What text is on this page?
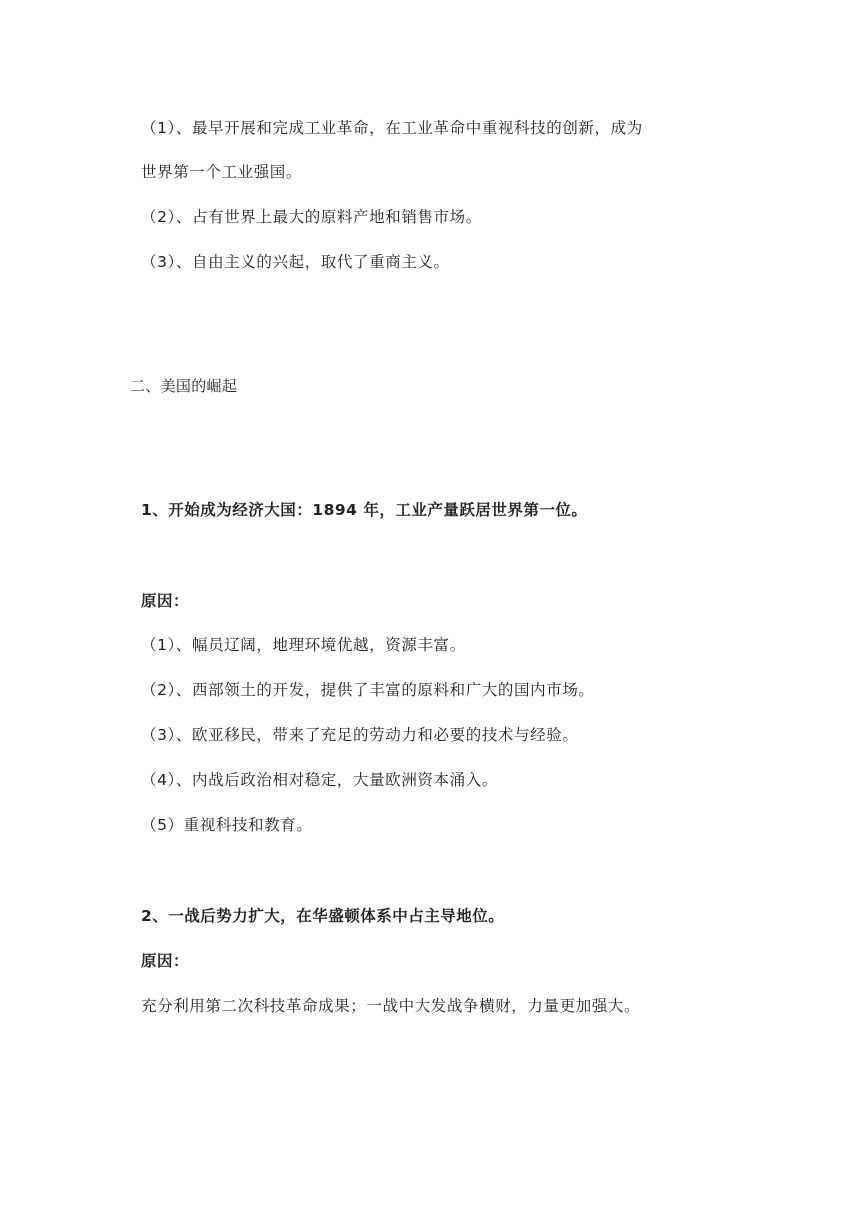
（1）、最早开展和完成工业革命，在工业革命中重视科技的创新，成为
世界第一个工业强国。
（2）、占有世界上最大的原料产地和销售市场。
（3）、自由主义的兴起，取代了重商主义。
二、美国的崛起
1、开始成为经济大国：1894 年，工业产量跃居世界第一位。
原因：
（1）、幅员辽阔，地理环境优越，资源丰富。
（2）、西部领土的开发，提供了丰富的原料和广大的国内市场。
（3）、欧亚移民，带来了充足的劳动力和必要的技术与经验。
（4）、内战后政治相对稳定，大量欧洲资本涌入。
（5）重视科技和教育。
2、一战后势力扩大，在华盛顿体系中占主导地位。
原因：
充分利用第二次科技革命成果；一战中大发战争横财，力量更加强大。
